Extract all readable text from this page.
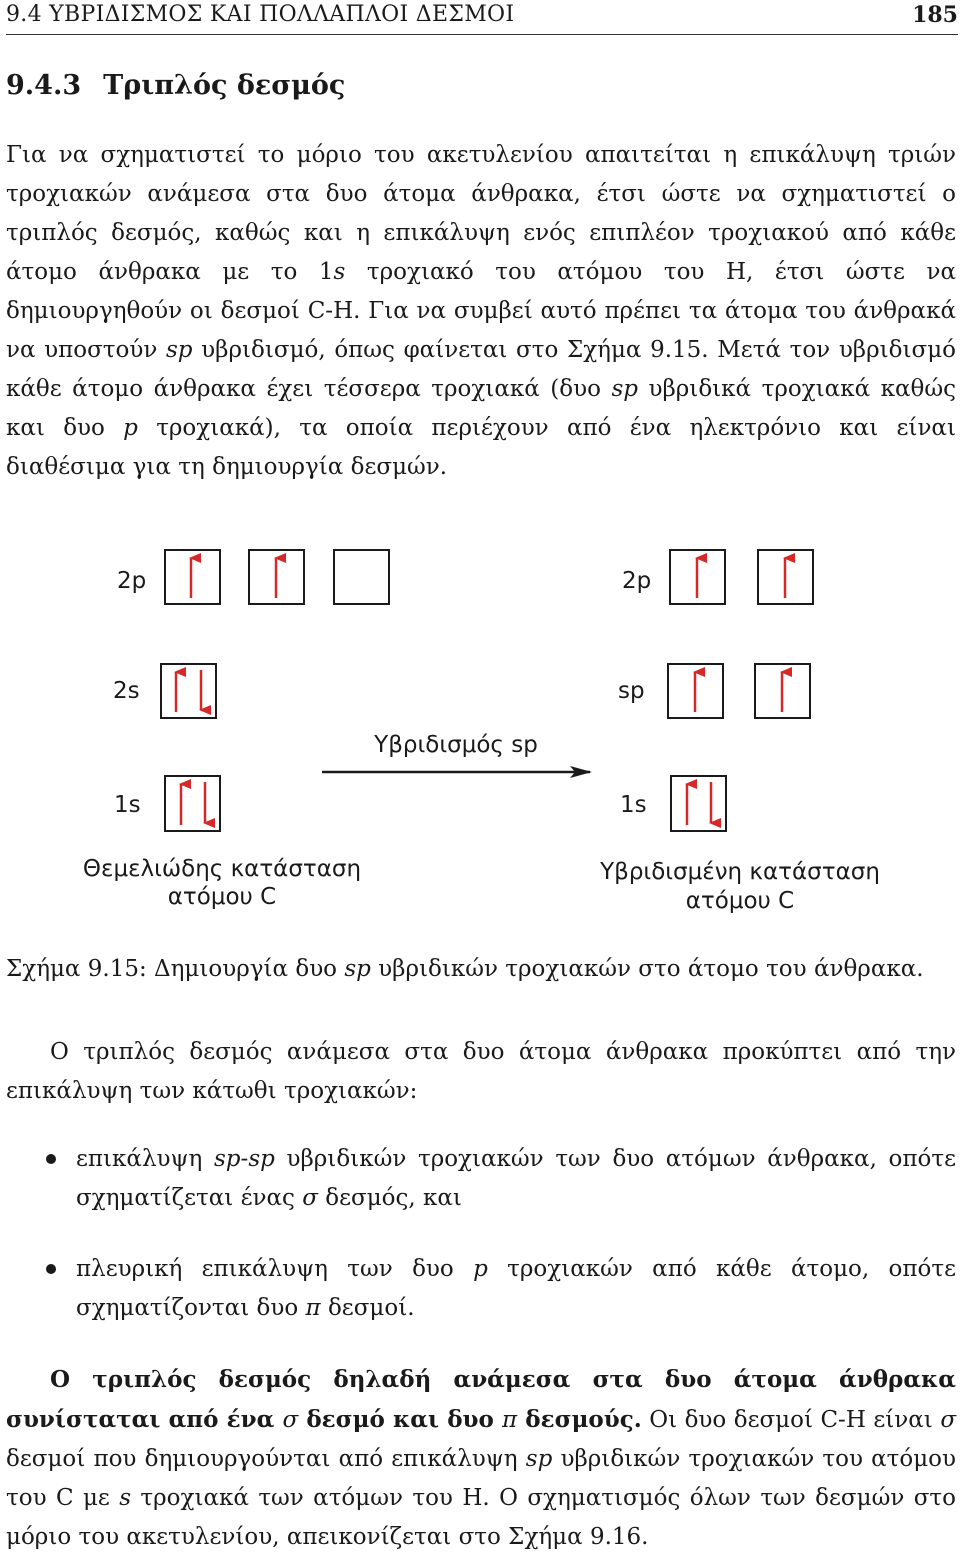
9.4 ΥΒΡΙΔΙΣΜΟΣ ΚΑΙ ΠΟΛΛΑΠΛΟΙ ΔΕΣΜΟΙ	185
9.4.3 Τριπλός δεσμός
Για να σχηματιστεί το μόριο του ακετυλενίου απαιτείται η επικάλυψη τριών τροχιακών ανάμεσα στα δυο άτομα άνθρακα, έτσι ώστε να σχηματιστεί ο τριπλός δεσμός, καθώς και η επικάλυψη ενός επιπλέον τροχιακού από κάθε άτομο άνθρακα με το 1s τροχιακό του ατόμου του H, έτσι ώστε να δημιουργηθούν οι δεσμοί C-H. Για να συμβεί αυτό πρέπει τα άτομα του άνθρακά να υποστούν sp υβριδισμό, όπως φαίνεται στο Σχήμα 9.15. Μετά τον υβριδισμό κάθε άτομο άνθρακα έχει τέσσερα τροχιακά (δυο sp υβριδικά τροχιακά καθώς και δυο p τροχιακά), τα οποία περιέχουν από ένα ηλεκτρόνιο και είναι διαθέσιμα για τη δημιουργία δεσμών.
2p
2s
1s
Θεμελιώδης κατάσταση
ατόμου C
Υβριδισμός sp
2p
sp
1s
Υβριδισμένη κατάσταση
ατόμου C
Σχήμα 9.15: Δημιουργία δυο sp υβριδικών τροχιακών στο άτομο του άνθρακα.
Ο τριπλός δεσμός ανάμεσα στα δυο άτομα άνθρακα προκύπτει από την επικάλυψη των κάτωθι τροχιακών:
επικάλυψη sp-sp υβριδικών τροχιακών των δυο ατόμων άνθρακα, οπότε σχηματίζεται ένας σ δεσμός, και
πλευρική επικάλυψη των δυο p τροχιακών από κάθε άτομο, οπότε σχηματίζονται δυο π δεσμοί.
Ο τριπλός δεσμός δηλαδή ανάμεσα στα δυο άτομα άνθρακα συνίσταται από ένα σ δεσμό και δυο π δεσμούς. Οι δυο δεσμοί C-H είναι σ δεσμοί που δημιουργούνται από επικάλυψη sp υβριδικών τροχιακών του ατόμου του C με s τροχιακά των ατόμων του H. Ο σχηματισμός όλων των δεσμών στο μόριο του ακετυλενίου, απεικονίζεται στο Σχήμα 9.16.
